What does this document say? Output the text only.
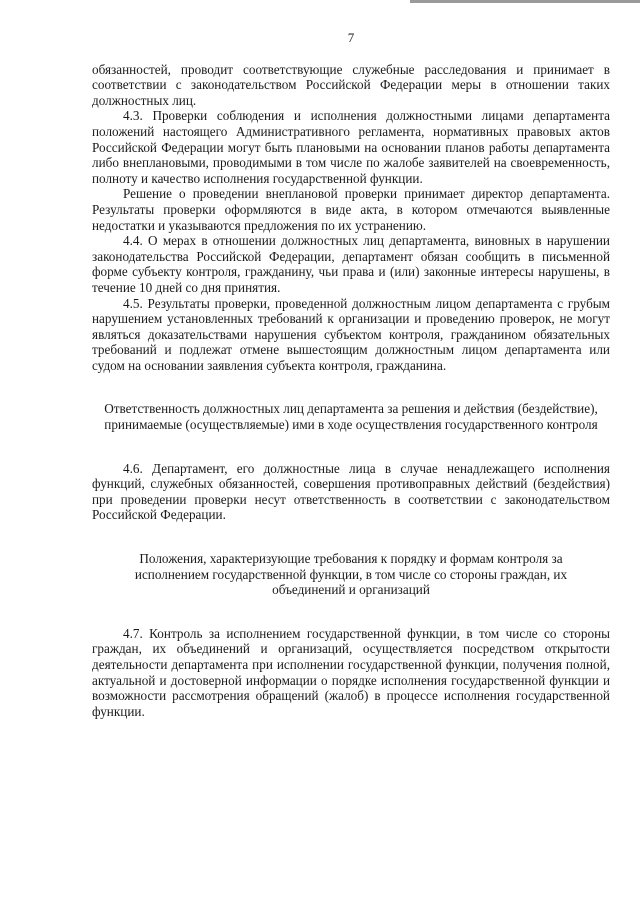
7

обязанностей, проводит соответствующие служебные расследования и принимает в соответствии с законодательством Российской Федерации меры в отношении таких должностных лиц.

4.3. Проверки соблюдения и исполнения должностными лицами департамента положений настоящего Административного регламента, нормативных правовых актов Российской Федерации могут быть плановыми на основании планов работы департамента либо внеплановыми, проводимыми в том числе по жалобе заявителей на своевременность, полноту и качество исполнения государственной функции.

Решение о проведении внеплановой проверки принимает директор департамента. Результаты проверки оформляются в виде акта, в котором отмечаются выявленные недостатки и указываются предложения по их устранению.

4.4. О мерах в отношении должностных лиц департамента, виновных в нарушении законодательства Российской Федерации, департамент обязан сообщить в письменной форме субъекту контроля, гражданину, чьи права и (или) законные интересы нарушены, в течение 10 дней со дня принятия.

4.5. Результаты проверки, проведенной должностным лицом департамента с грубым нарушением установленных требований к организации и проведению проверок, не могут являться доказательствами нарушения субъектом контроля, гражданином обязательных требований и подлежат отмене вышестоящим должностным лицом департамента или судом на основании заявления субъекта контроля, гражданина.

Ответственность должностных лиц департамента за решения и действия (бездействие), принимаемые (осуществляемые) ими в ходе осуществления государственного контроля

4.6. Департамент, его должностные лица в случае ненадлежащего исполнения функций, служебных обязанностей, совершения противоправных действий (бездействия) при проведении проверки несут ответственность в соответствии с законодательством Российской Федерации.

Положения, характеризующие требования к порядку и формам контроля за исполнением государственной функции, в том числе со стороны граждан, их объединений и организаций

4.7. Контроль за исполнением государственной функции, в том числе со стороны граждан, их объединений и организаций, осуществляется посредством открытости деятельности департамента при исполнении государственной функции, получения полной, актуальной и достоверной информации о порядке исполнения государственной функции и возможности рассмотрения обращений (жалоб) в процессе исполнения государственной функции.
